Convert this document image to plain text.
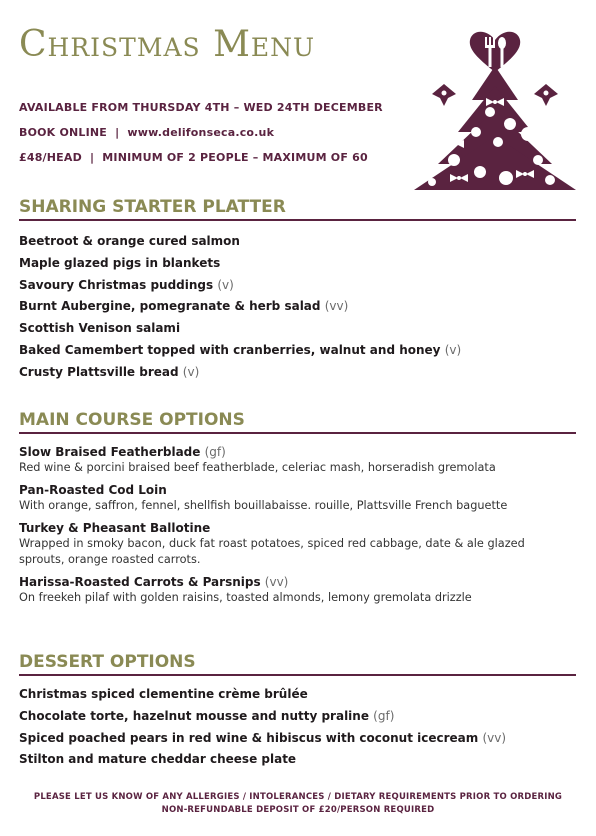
Christmas Menu
AVAILABLE FROM THURSDAY 4TH – WED 24TH DECEMBER
BOOK ONLINE  |  www.delifonseca.co.uk
£48/HEAD  |  MINIMUM OF 2 PEOPLE – MAXIMUM OF 60
SHARING STARTER PLATTER
Beetroot & orange cured salmon
Maple glazed pigs in blankets
Savoury Christmas puddings (v)
Burnt Aubergine, pomegranate & herb salad (vv)
Scottish Venison salami
Baked Camembert topped with cranberries, walnut and honey (v)
Crusty Plattsville bread (v)
MAIN COURSE OPTIONS
Slow Braised Featherblade (gf)
Red wine & porcini braised beef featherblade, celeriac mash, horseradish gremolata
Pan-Roasted Cod Loin
With orange, saffron, fennel, shellfish bouillabaisse. rouille, Plattsville French baguette
Turkey & Pheasant Ballotine
Wrapped in smoky bacon, duck fat roast potatoes, spiced red cabbage, date & ale glazed sprouts, orange roasted carrots.
Harissa-Roasted Carrots & Parsnips (vv)
On freekeh pilaf with golden raisins, toasted almonds, lemony gremolata drizzle
DESSERT OPTIONS
Christmas spiced clementine crème brûlée
Chocolate torte, hazelnut mousse and nutty praline (gf)
Spiced poached pears in red wine & hibiscus with coconut icecream (vv)
Stilton and mature cheddar cheese plate
PLEASE LET US KNOW OF ANY ALLERGIES / INTOLERANCES / DIETARY REQUIREMENTS PRIOR TO ORDERING
NON-REFUNDABLE DEPOSIT OF £20/PERSON REQUIRED
